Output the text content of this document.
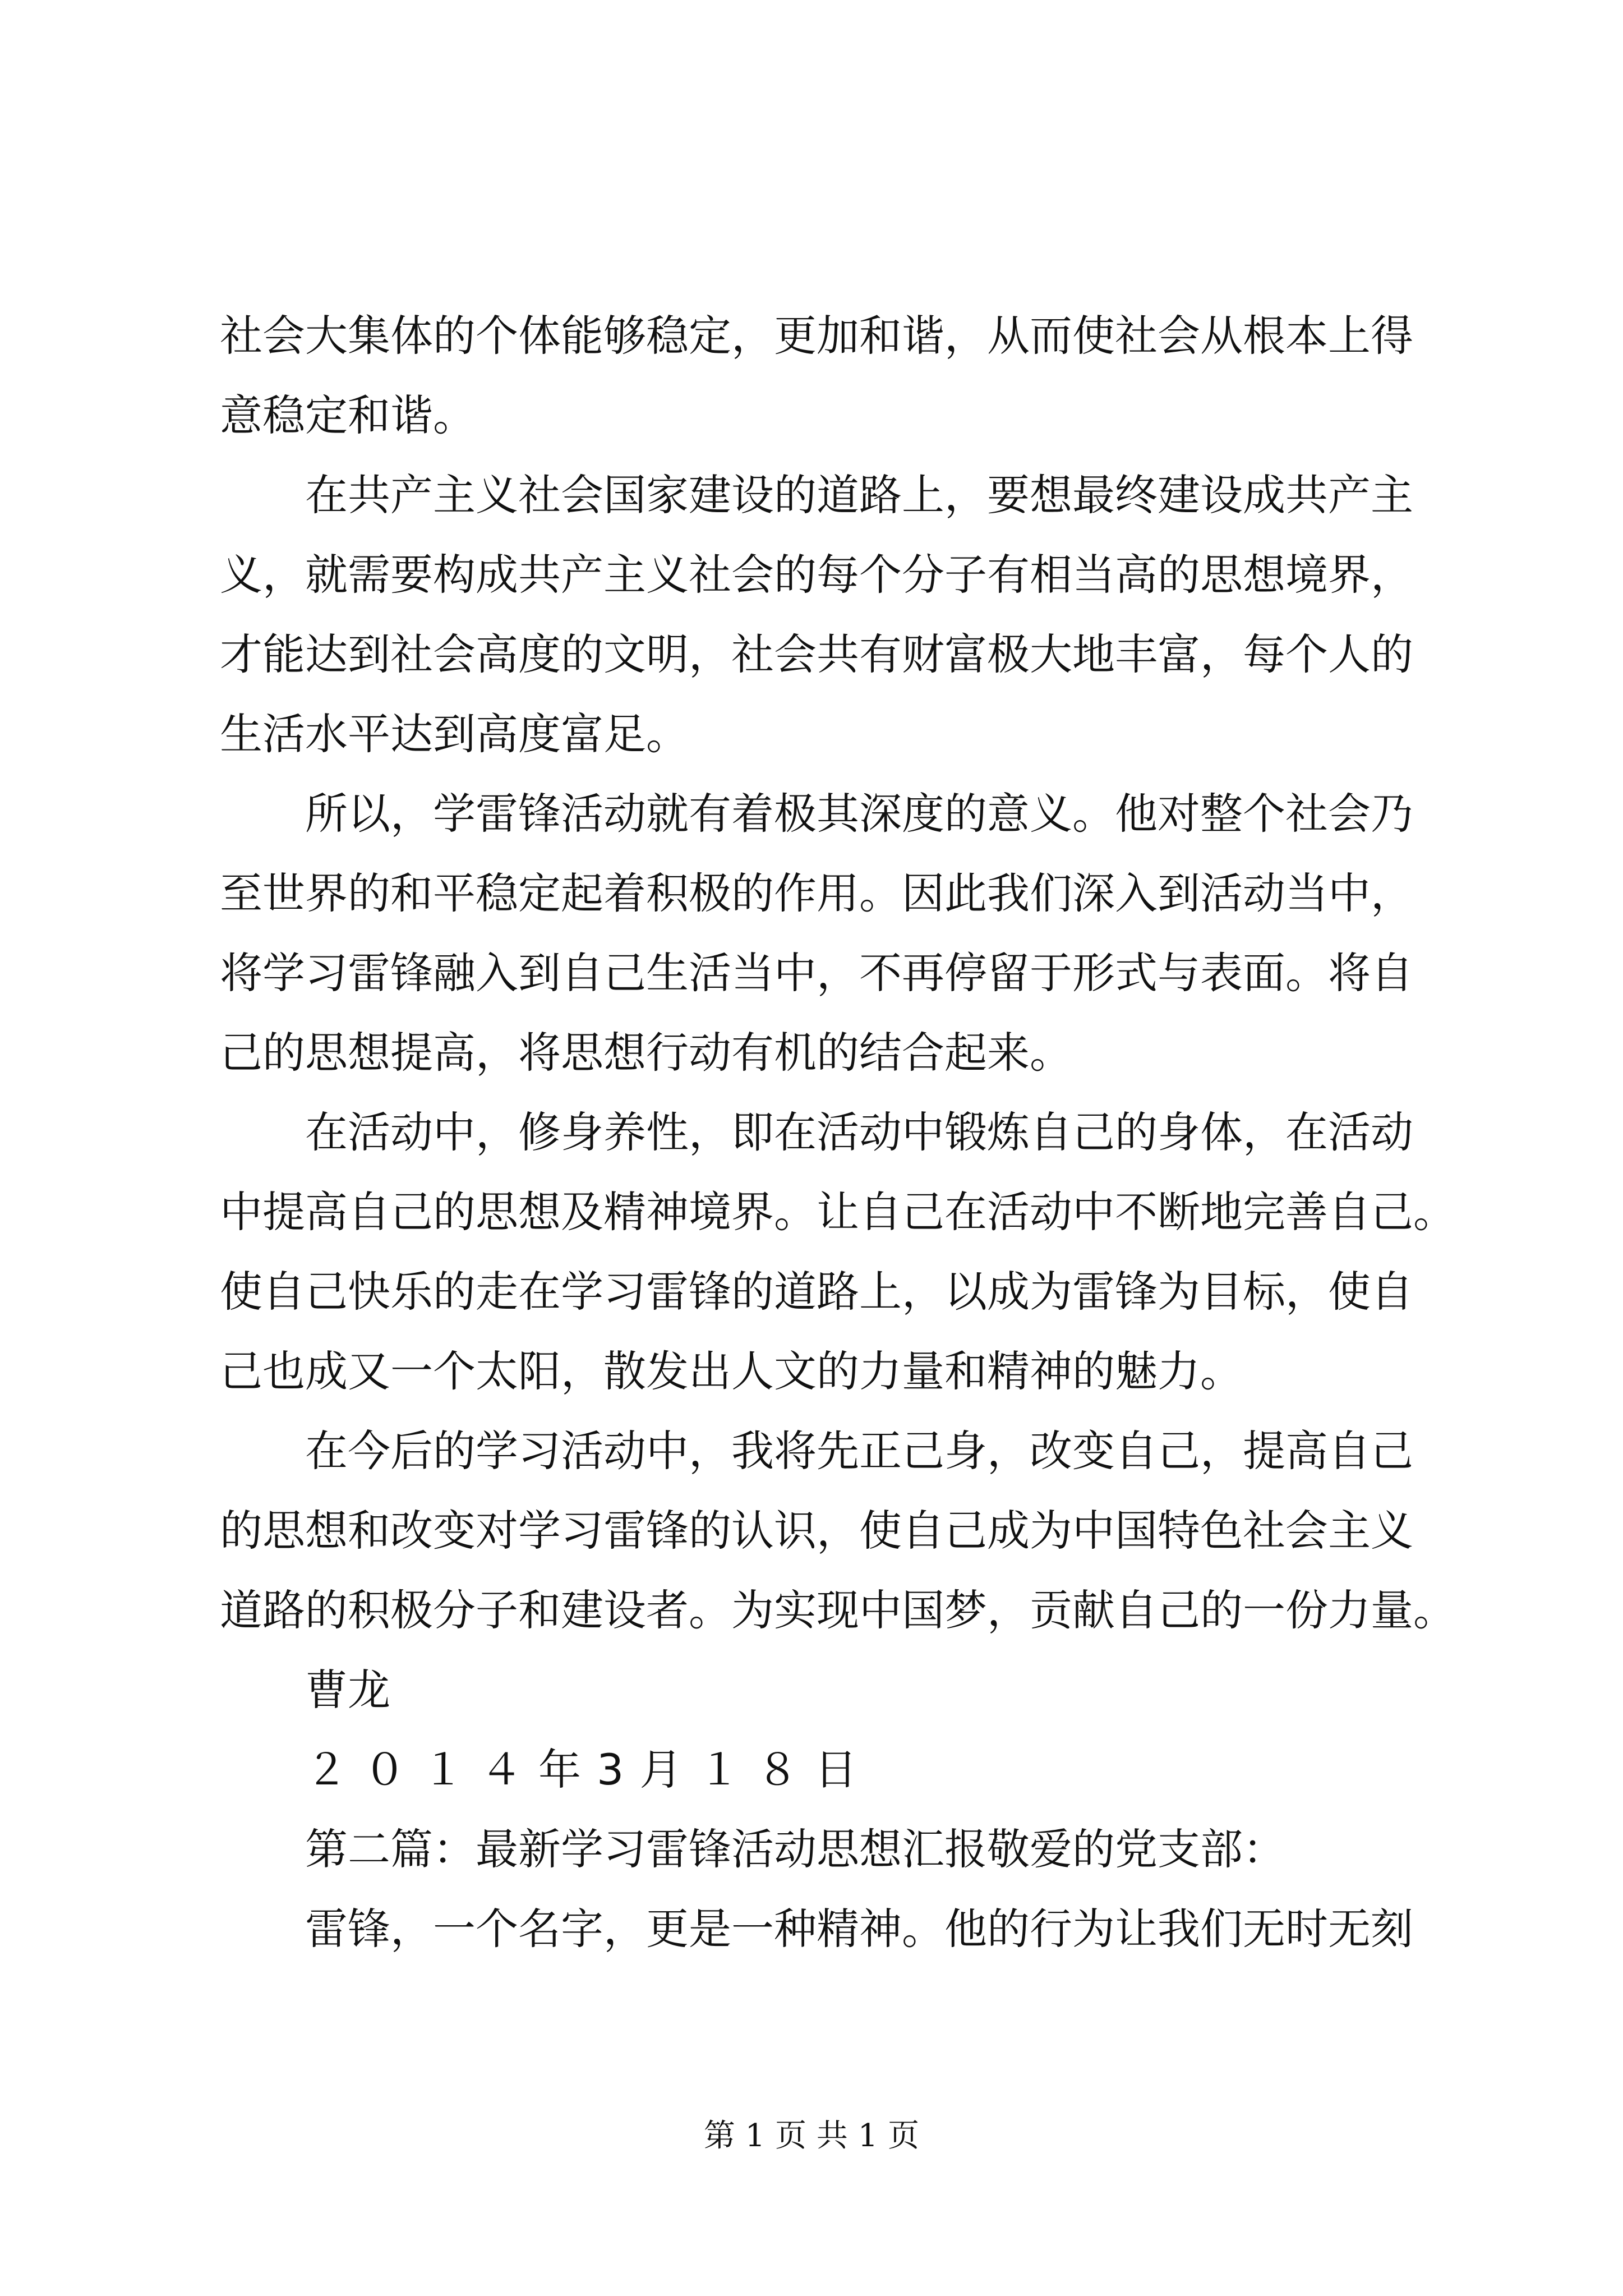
社会大集体的个体能够稳定，更加和谐，从而使社会从根本上得
意稳定和谐。
在共产主义社会国家建设的道路上，要想最终建设成共产主
义，就需要构成共产主义社会的每个分子有相当高的思想境界，
才能达到社会高度的文明，社会共有财富极大地丰富，每个人的
生活水平达到高度富足。
所以，学雷锋活动就有着极其深度的意义。他对整个社会乃
至世界的和平稳定起着积极的作用。因此我们深入到活动当中，
将学习雷锋融入到自己生活当中，不再停留于形式与表面。将自
己的思想提高，将思想行动有机的结合起来。
在活动中，修身养性，即在活动中锻炼自己的身体，在活动
中提高自己的思想及精神境界。让自己在活动中不断地完善自己。
使自己快乐的走在学习雷锋的道路上，以成为雷锋为目标，使自
己也成又一个太阳，散发出人文的力量和精神的魅力。
在今后的学习活动中，我将先正己身，改变自己，提高自己
的思想和改变对学习雷锋的认识，使自己成为中国特色社会主义
道路的积极分子和建设者。为实现中国梦，贡献自己的一份力量。
曹龙
２０１４年3月１８日
第二篇：最新学习雷锋活动思想汇报敬爱的党支部：
雷锋，一个名字，更是一种精神。他的行为让我们无时无刻
第 1 页 共 1 页
